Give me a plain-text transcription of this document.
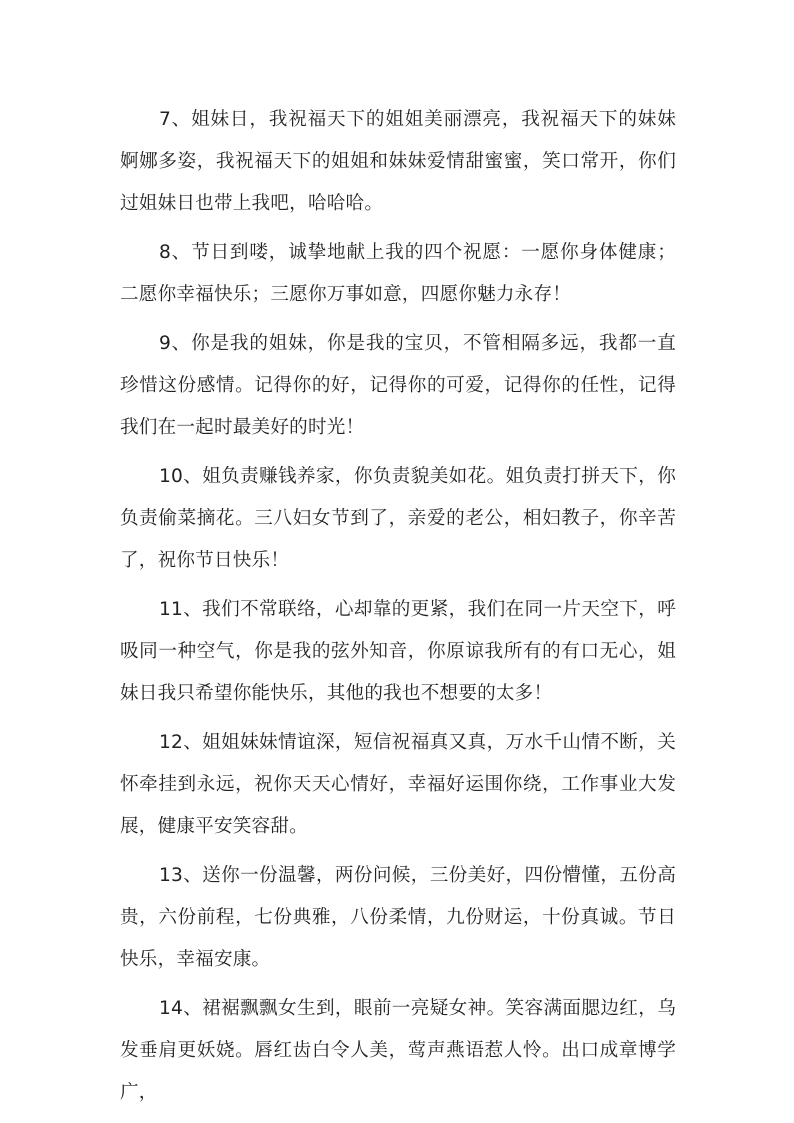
7、姐妹日，我祝福天下的姐姐美丽漂亮，我祝福天下的妹妹婀娜多姿，我祝福天下的姐姐和妹妹爱情甜蜜蜜，笑口常开，你们过姐妹日也带上我吧，哈哈哈。

8、节日到喽，诚挚地献上我的四个祝愿：一愿你身体健康；二愿你幸福快乐；三愿你万事如意，四愿你魅力永存！

9、你是我的姐妹，你是我的宝贝，不管相隔多远，我都一直珍惜这份感情。记得你的好，记得你的可爱，记得你的任性，记得我们在一起时最美好的时光！

10、姐负责赚钱养家，你负责貌美如花。姐负责打拼天下，你负责偷菜摘花。三八妇女节到了，亲爱的老公，相妇教子，你辛苦了，祝你节日快乐！

11、我们不常联络，心却靠的更紧，我们在同一片天空下，呼吸同一种空气，你是我的弦外知音，你原谅我所有的有口无心，姐妹日我只希望你能快乐，其他的我也不想要的太多！

12、姐姐妹妹情谊深，短信祝福真又真，万水千山情不断，关怀牵挂到永远，祝你天天心情好，幸福好运围你绕，工作事业大发展，健康平安笑容甜。

13、送你一份温馨，两份问候，三份美好，四份懵懂，五份高贵，六份前程，七份典雅，八份柔情，九份财运，十份真诚。节日快乐，幸福安康。

14、裙裾飘飘女生到，眼前一亮疑女神。笑容满面腮边红，乌发垂肩更妖娆。唇红齿白令人美，莺声燕语惹人怜。出口成章博学广，
